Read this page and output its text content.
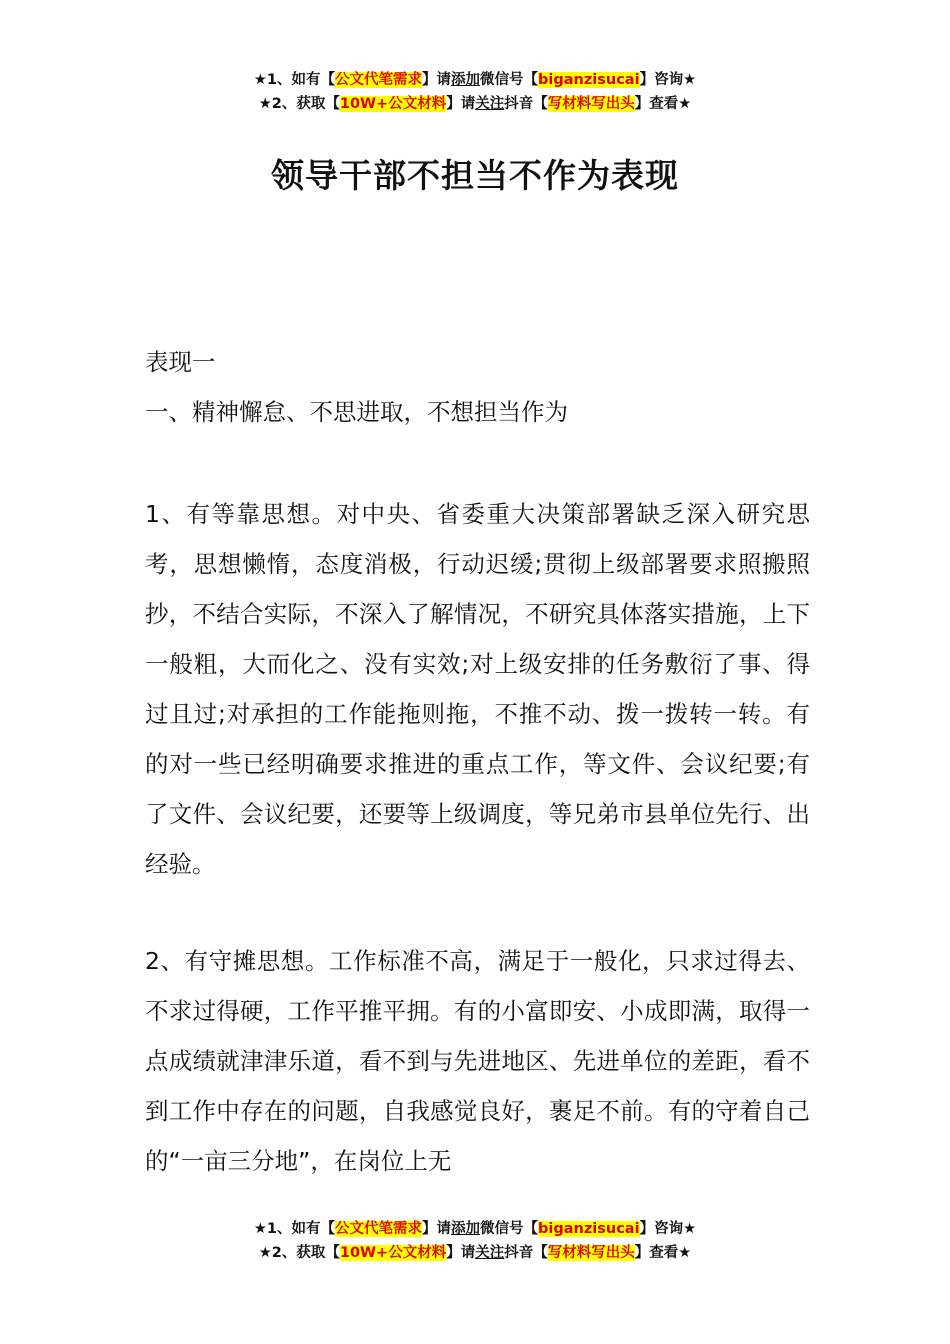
★1、如有【公文代笔需求】请添加微信号【biganzisucai】咨询★
★2、获取【10W+公文材料】请关注抖音【写材料写出头】查看★
领导干部不担当不作为表现
表现一
一、精神懈怠、不思进取，不想担当作为

1、有等靠思想。对中央、省委重大决策部署缺乏深入研究思考，思想懒惰，态度消极，行动迟缓;贯彻上级部署要求照搬照抄，不结合实际，不深入了解情况，不研究具体落实措施，上下一般粗，大而化之、没有实效;对上级安排的任务敷衍了事、得过且过;对承担的工作能拖则拖，不推不动、拨一拨转一转。有的对一些已经明确要求推进的重点工作，等文件、会议纪要;有了文件、会议纪要，还要等上级调度，等兄弟市县单位先行、出经验。

2、有守摊思想。工作标准不高，满足于一般化，只求过得去、不求过得硬，工作平推平拥。有的小富即安、小成即满，取得一点成绩就津津乐道，看不到与先进地区、先进单位的差距，看不到工作中存在的问题，自我感觉良好，裹足不前。有的守着自己的“一亩三分地”，在岗位上无

★1、如有【公文代笔需求】请添加微信号【biganzisucai】咨询★
★2、获取【10W+公文材料】请关注抖音【写材料写出头】查看★
